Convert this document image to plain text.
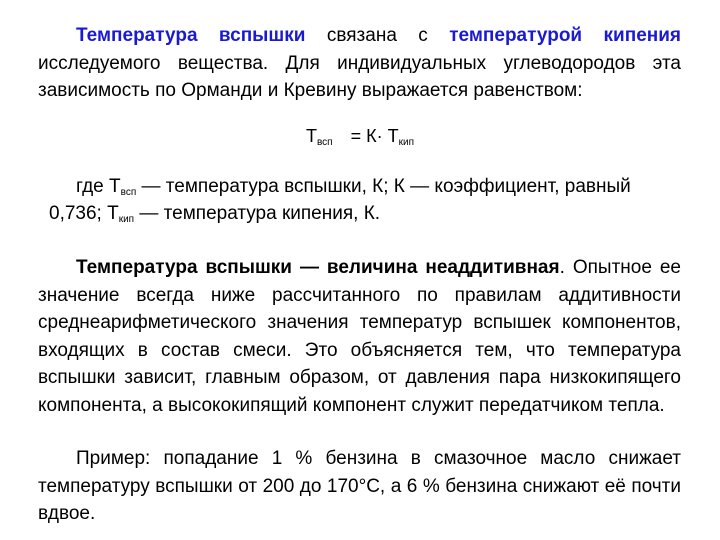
Температура вспышки связана с температурой кипения исследуемого вещества. Для индивидуальных углеводородов эта зависимость по Орманди и Кревину выражается равенством:

$Т_{всп} = К\cdot Т_{кип}$
где $Т_{всп}$ — температура вспышки, К; К — коэффициент, равный
0,736; $Т_{кип}$ — температура кипения, К.

Температура вспышки — величина неаддитивная. Опытное ее значение всегда ниже рассчитанного по правилам аддитивности среднеарифметического значения температур вспышек компонентов, входящих в состав смеси. Это объясняется тем, что температура вспышки зависит, главным образом, от давления пара низкокипящего компонента, а высококипящий компонент служит передатчиком тепла.

Пример: попадание 1 % бензина в смазочное масло снижает температуру вспышки от 200 до 170°С, а 6 % бензина снижают её почти вдвое.
